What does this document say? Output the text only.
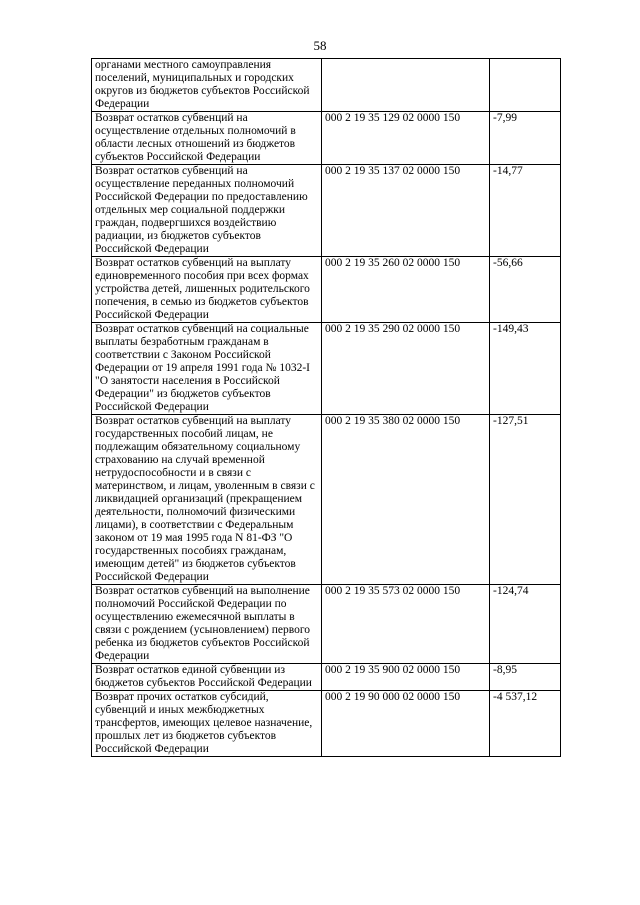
58
органами местного самоуправления поселений, муниципальных и городских округов из бюджетов субъектов Российской Федерации		
Возврат остатков субвенций на осуществление отдельных полномочий в области лесных отношений из бюджетов субъектов Российской Федерации	000 2 19 35 129 02 0000 150	-7,99
Возврат остатков субвенций на осуществление переданных полномочий Российской Федерации по предоставлению отдельных мер социальной поддержки граждан, подвергшихся воздействию радиации, из бюджетов субъектов Российской Федерации	000 2 19 35 137 02 0000 150	-14,77
Возврат остатков субвенций на выплату единовременного пособия при всех формах устройства детей, лишенных родительского попечения, в семью из бюджетов субъектов Российской Федерации	000 2 19 35 260 02 0000 150	-56,66
Возврат остатков субвенций на социальные выплаты безработным гражданам в соответствии с Законом Российской Федерации от 19 апреля 1991 года № 1032-I "О занятости населения в Российской Федерации" из бюджетов субъектов Российской Федерации	000 2 19 35 290 02 0000 150	-149,43
Возврат остатков субвенций на выплату государственных пособий лицам, не подлежащим обязательному социальному страхованию на случай временной нетрудоспособности и в связи с материнством, и лицам, уволенным в связи с ликвидацией организаций (прекращением деятельности, полномочий физическими лицами), в соответствии с Федеральным законом от 19 мая 1995 года N 81-ФЗ "О государственных пособиях гражданам, имеющим детей" из бюджетов субъектов Российской Федерации	000 2 19 35 380 02 0000 150	-127,51
Возврат остатков субвенций на выполнение полномочий Российской Федерации по осуществлению ежемесячной выплаты в связи с рождением (усыновлением) первого ребенка из бюджетов субъектов Российской Федерации	000 2 19 35 573 02 0000 150	-124,74
Возврат остатков единой субвенции из бюджетов субъектов Российской Федерации	000 2 19 35 900 02 0000 150	-8,95
Возврат прочих остатков субсидий, субвенций и иных межбюджетных трансфертов, имеющих целевое назначение, прошлых лет из бюджетов субъектов Российской Федерации	000 2 19 90 000 02 0000 150	-4 537,12
